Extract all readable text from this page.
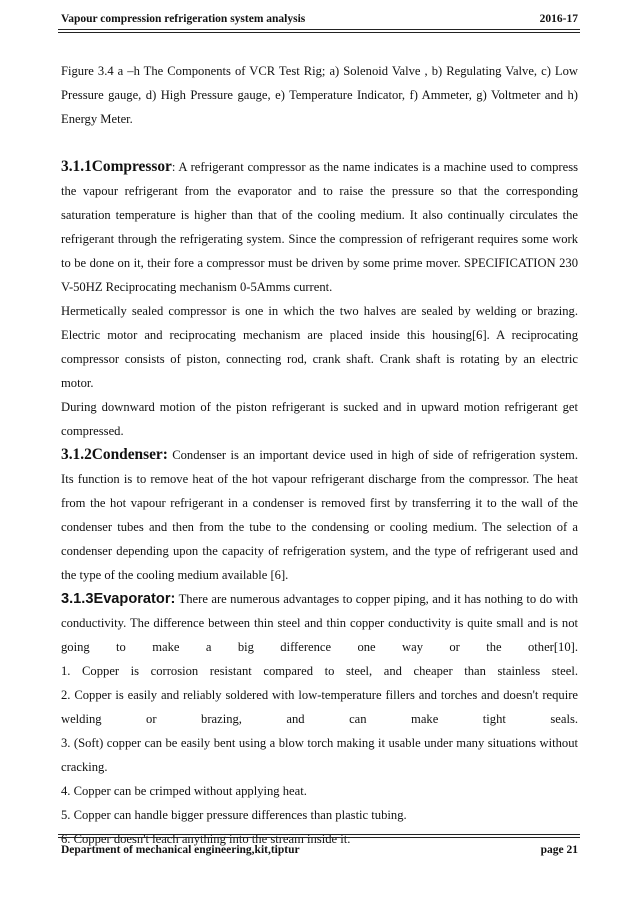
Vapour compression refrigeration system analysis	2016-17

Figure 3.4 a –h The Components of VCR Test Rig; a) Solenoid Valve , b) Regulating Valve, c) Low Pressure gauge, d) High Pressure gauge, e) Temperature Indicator, f) Ammeter, g) Voltmeter and h) Energy Meter.

3.1.1Compressor: A refrigerant compressor as the name indicates is a machine used to compress the vapour refrigerant from the evaporator and to raise the pressure so that the corresponding saturation temperature is higher than that of the cooling medium. It also continually circulates the refrigerant through the refrigerating system. Since the compression of refrigerant requires some work to be done on it, their fore a compressor must be driven by some prime mover. SPECIFICATION 230 V-50HZ Reciprocating mechanism 0-5Amms current.

Hermetically sealed compressor is one in which the two halves are sealed by welding or brazing. Electric motor and reciprocating mechanism are placed inside this housing[6]. A reciprocating compressor consists of piston, connecting rod, crank shaft. Crank shaft is rotating by an electric motor.

During downward motion of the piston refrigerant is sucked and in upward motion refrigerant get compressed.

3.1.2Condenser: Condenser is an important device used in high of side of refrigeration system. Its function is to remove heat of the hot vapour refrigerant discharge from the compressor. The heat from the hot vapour refrigerant in a condenser is removed first by transferring it to the wall of the condenser tubes and then from the tube to the condensing or cooling medium. The selection of a condenser depending upon the capacity of refrigeration system, and the type of refrigerant used and the type of the cooling medium available [6].

3.1.3Evaporator: There are numerous advantages to copper piping, and it has nothing to do with conductivity. The difference between thin steel and thin copper conductivity is quite small and is not going to make a big difference one way or the other[10].

1. Copper is corrosion resistant compared to steel, and cheaper than stainless steel.

2. Copper is easily and reliably soldered with low-temperature fillers and torches and doesn't require welding or brazing, and can make tight seals.

3. (Soft) copper can be easily bent using a blow torch making it usable under many situations without cracking.

4. Copper can be crimped without applying heat.

5. Copper can handle bigger pressure differences than plastic tubing.

6. Copper doesn't leach anything into the stream inside it.

Department of mechanical engineering,kit,tiptur	page 21
